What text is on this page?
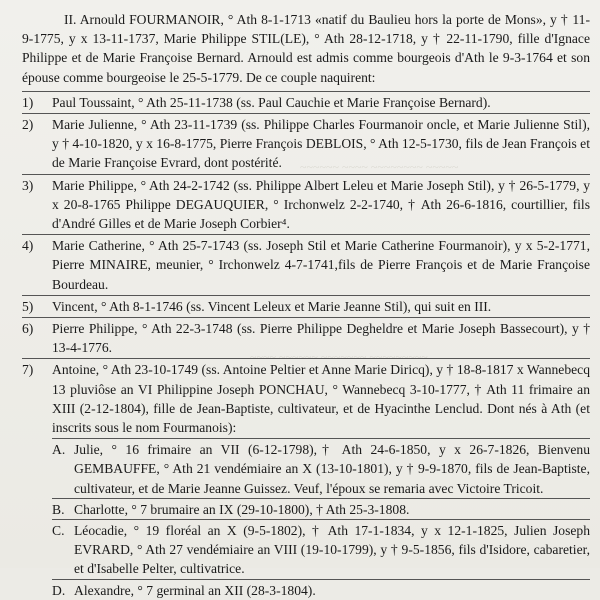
~~~~~~ ~~~~ ~~~~~~~~ ~~~~~
~~~~ ~~~~~~ ~~~~~~~ ~~~~~~~~~

II. Arnould FOURMANOIR, ° Ath 8-1-1713 «natif du Baulieu hors la porte de Mons», y † 11-9-1775, y x 13-11-1737, Marie Philippe STIL(LE), ° Ath 28-12-1718, y † 22-11-1790, fille d'Ignace Philippe et de Marie Françoise Bernard. Arnould est admis comme bourgeois d'Ath le 9-3-1764 et son épouse comme bourgeoise le 25-5-1779. De ce couple naquirent:

1)	Paul Toussaint, ° Ath 25-11-1738 (ss. Paul Cauchie et Marie Françoise Bernard).
2)	Marie Julienne, ° Ath 23-11-1739 (ss. Philippe Charles Fourmanoir oncle, et Marie Julienne Stil), y † 4-10-1820, y x 16-8-1775, Pierre François DEBLOIS, ° Ath 12-5-1730, fils de Jean François et de Marie Françoise Evrard, dont postérité.
3)	Marie Philippe, ° Ath 24-2-1742 (ss. Philippe Albert Leleu et Marie Joseph Stil), y † 26-5-1779, y x 20-8-1765 Philippe DEGAUQUIER, ° Irchonwelz 2-2-1740, † Ath 26-6-1816, courtillier, fils d'André Gilles et de Marie Joseph Corbier⁴.
4)	Marie Catherine, ° Ath 25-7-1743 (ss. Joseph Stil et Marie Catherine Fourmanoir), y x 5-2-1771, Pierre MINAIRE, meunier, ° Irchonwelz 4-7-1741,fils de Pierre François et de Marie Françoise Bourdeau.
5)	Vincent, ° Ath 8-1-1746 (ss. Vincent Leleux et Marie Jeanne Stil), qui suit en III.
6)	Pierre Philippe, ° Ath 22-3-1748 (ss. Pierre Philippe Degheldre et Marie Joseph Bassecourt), y † 13-4-1776.
7)	Antoine, ° Ath 23-10-1749 (ss. Antoine Peltier et Anne Marie Diricq), y † 18-8-1817 x Wannebecq 13 pluviôse an VI Philippine Joseph PONCHAU, ° Wannebecq 3-10-1777, † Ath 11 frimaire an XIII (2-12-1804), fille de Jean-Baptiste, cultivateur, et de Hyacinthe Lenclud. Dont nés à Ath (et inscrits sous le nom Fourmanois):
A. Julie, ° 16 frimaire an VII (6-12-1798),† Ath 24-6-1850, y x 26-7-1826, Bienvenu GEMBAUFFE, ° Ath 21 vendémiaire an X (13-10-1801), y † 9-9-1870, fils de Jean-Baptiste, cultivateur, et de Marie Jeanne Guissez. Veuf, l'époux se remaria avec Victoire Tricoit.
B. Charlotte, ° 7 brumaire an IX (29-10-1800), † Ath 25-3-1808.
C. Léocadie, ° 19 floréal an X (9-5-1802), † Ath 17-1-1834, y x 12-1-1825, Julien Joseph EVRARD, ° Ath 27 vendémiaire an VIII (19-10-1799), y † 9-5-1856, fils d'Isidore, cabaretier, et d'Isabelle Pelter, cultivatrice.
D. Alexandre, ° 7 germinal an XII (28-3-1804).
